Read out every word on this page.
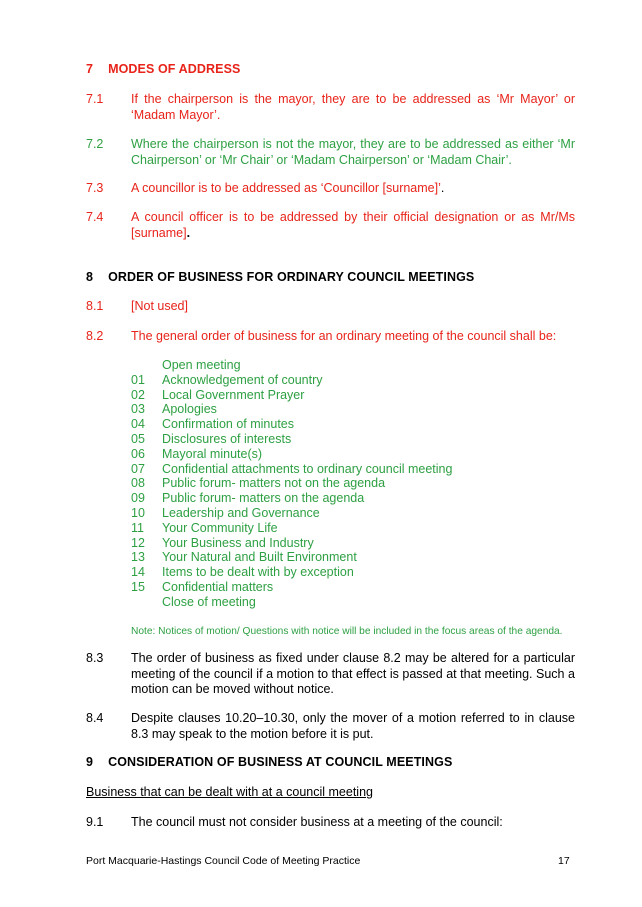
7 MODES OF ADDRESS
7.1 If the chairperson is the mayor, they are to be addressed as ‘Mr Mayor’ or ‘Madam Mayor’.
7.2 Where the chairperson is not the mayor, they are to be addressed as either ‘Mr Chairperson’ or ‘Mr Chair’ or ‘Madam Chairperson’ or ‘Madam Chair’.
7.3 A councillor is to be addressed as ‘Councillor [surname]’.
7.4 A council officer is to be addressed by their official designation or as Mr/Ms [surname].
8 ORDER OF BUSINESS FOR ORDINARY COUNCIL MEETINGS
8.1 [Not used]
8.2 The general order of business for an ordinary meeting of the council shall be:
Open meeting
01	Acknowledgement of country
02	Local Government Prayer
03	Apologies
04	Confirmation of minutes
05	Disclosures of interests
06	Mayoral minute(s)
07	Confidential attachments to ordinary council meeting
08	Public forum- matters not on the agenda
09	Public forum- matters on the agenda
10	Leadership and Governance
11	Your Community Life
12	Your Business and Industry
13	Your Natural and Built Environment
14	Items to be dealt with by exception
15	Confidential matters
Close of meeting
Note: Notices of motion/ Questions with notice will be included in the focus areas of the agenda.
8.3 The order of business as fixed under clause 8.2 may be altered for a particular meeting of the council if a motion to that effect is passed at that meeting. Such a motion can be moved without notice.
8.4 Despite clauses 10.20–10.30, only the mover of a motion referred to in clause 8.3 may speak to the motion before it is put.
9 CONSIDERATION OF BUSINESS AT COUNCIL MEETINGS
Business that can be dealt with at a council meeting
9.1 The council must not consider business at a meeting of the council:
Port Macquarie-Hastings Council Code of Meeting Practice	17
